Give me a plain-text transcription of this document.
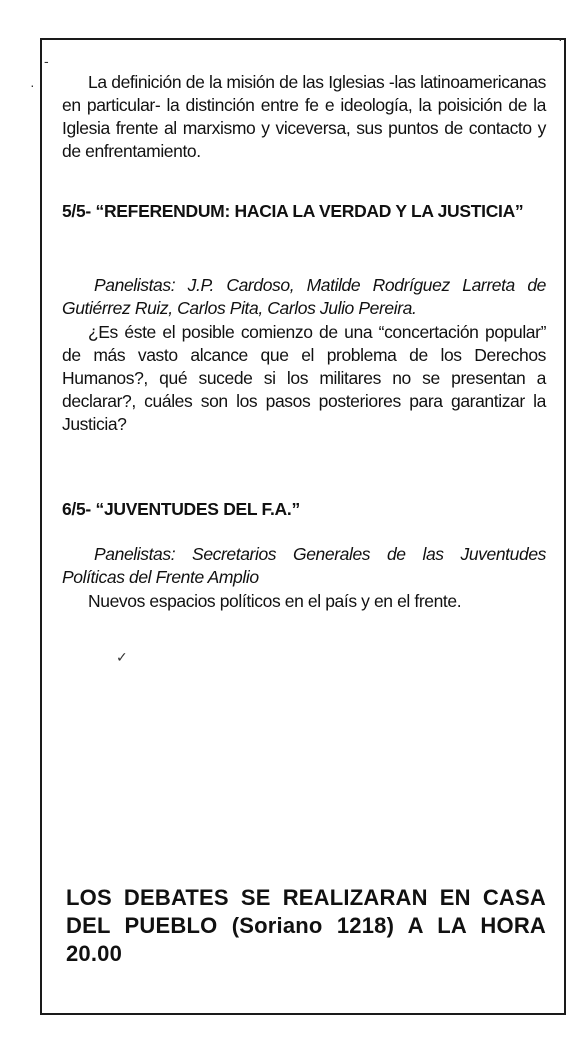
‐
·
·
✓
La definición de la misión de las Iglesias -las latinoamericanas en particular- la distinción entre fe e ideología, la poisición de la Iglesia frente al marxismo y viceversa, sus puntos de contacto y de enfrentamiento.
5/5- “REFERENDUM: HACIA LA VERDAD Y LA JUSTICIA”
Panelistas: J.P. Cardoso, Matilde Rodríguez Larreta de Gutiérrez Ruiz, Carlos Pita, Carlos Julio Pereira.
¿Es éste el posible comienzo de una “concertación popular” de más vasto alcance que el problema de los Derechos Humanos?, qué sucede si los militares no se presentan a declarar?, cuáles son los pasos posteriores para garantizar la Justicia?
6/5- “JUVENTUDES DEL F.A.”
Panelistas: Secretarios Generales de las Juventudes Políticas del Frente Amplio
Nuevos espacios políticos en el país y en el frente.
LOS DEBATES SE REALIZARAN EN CASA DEL PUEBLO (Soriano 1218) A LA HORA 20.00
